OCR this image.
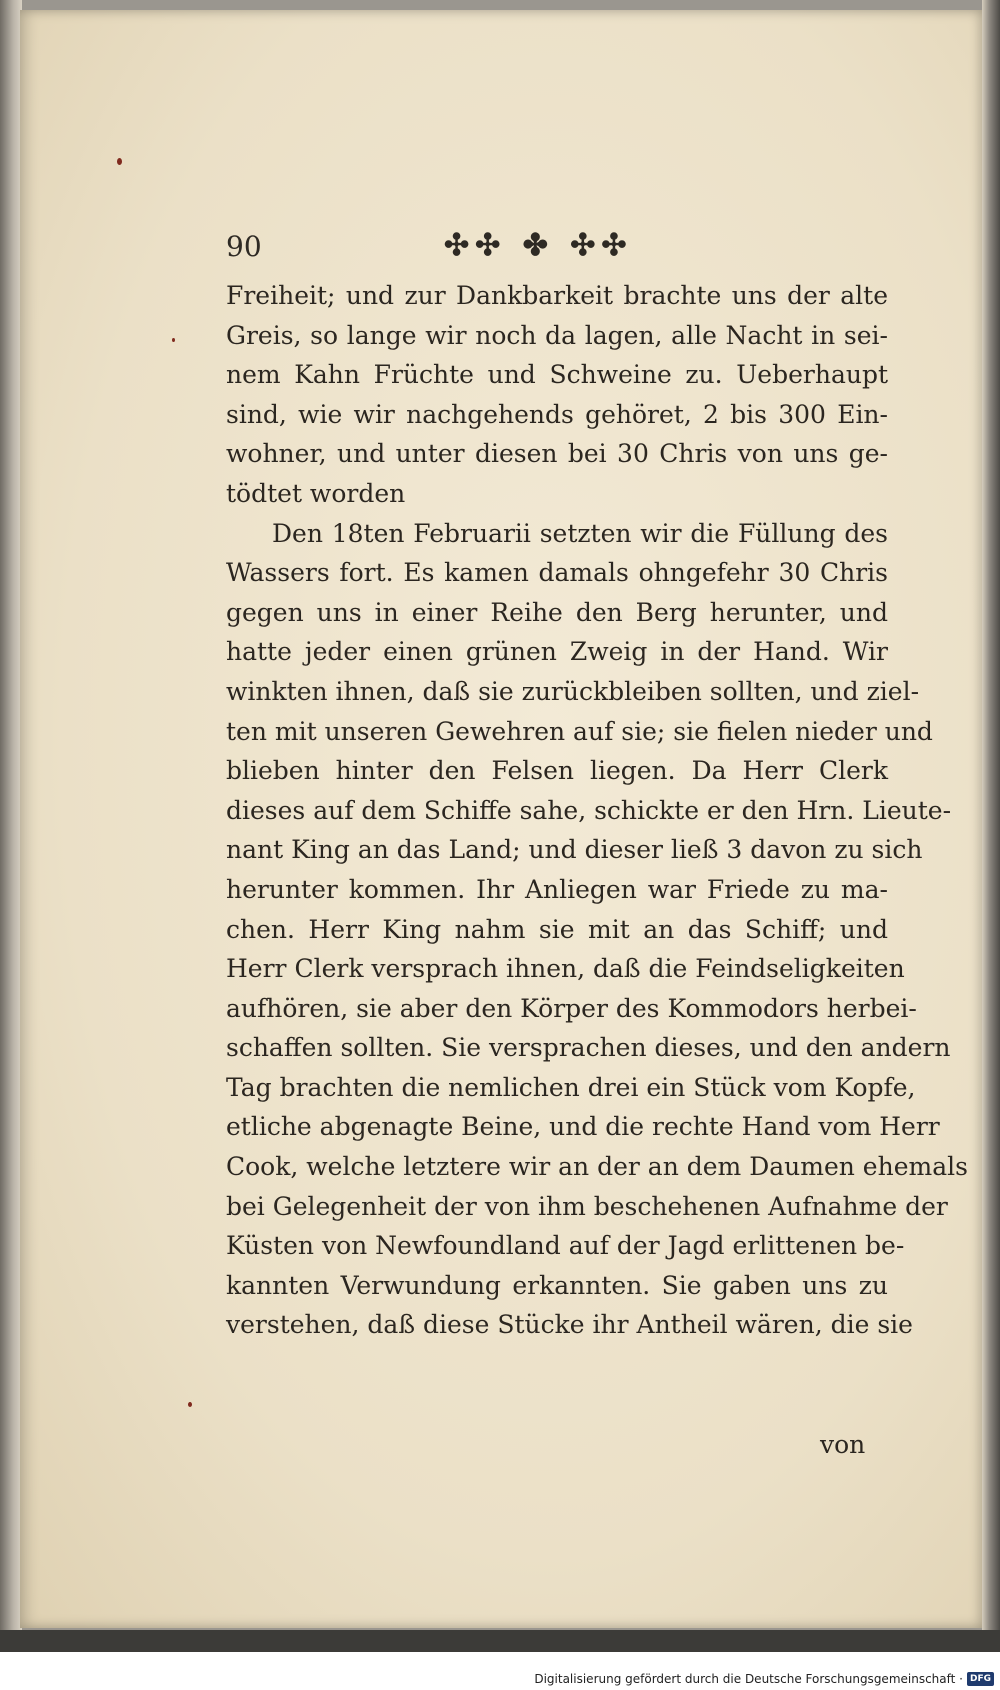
90	✣✣ ✤ ✣✣
Freiheit; und zur Dankbarkeit brachte uns der alte
Greis, so lange wir noch da lagen, alle Nacht in sei-
nem Kahn Früchte und Schweine zu. Ueberhaupt
sind, wie wir nachgehends gehöret, 2 bis 300 Ein-
wohner, und unter diesen bei 30 Chris von uns ge-
tödtet worden
Den 18ten Februarii setzten wir die Füllung des
Wassers fort. Es kamen damals ohngefehr 30 Chris
gegen uns in einer Reihe den Berg herunter, und
hatte jeder einen grünen Zweig in der Hand. Wir
winkten ihnen, daß sie zurückbleiben sollten, und ziel-
ten mit unseren Gewehren auf sie; sie fielen nieder und
blieben hinter den Felsen liegen. Da Herr Clerk
dieses auf dem Schiffe sahe, schickte er den Hrn. Lieute-
nant King an das Land; und dieser ließ 3 davon zu sich
herunter kommen. Ihr Anliegen war Friede zu ma-
chen. Herr King nahm sie mit an das Schiff; und
Herr Clerk versprach ihnen, daß die Feindseligkeiten
aufhören, sie aber den Körper des Kommodors herbei-
schaffen sollten. Sie versprachen dieses, und den andern
Tag brachten die nemlichen drei ein Stück vom Kopfe,
etliche abgenagte Beine, und die rechte Hand vom Herr
Cook, welche letztere wir an der an dem Daumen ehemals
bei Gelegenheit der von ihm beschehenen Aufnahme der
Küsten von Newfoundland auf der Jagd erlittenen be-
kannten Verwundung erkannten. Sie gaben uns zu
verstehen, daß diese Stücke ihr Antheil wären, die sie
von
Digitalisierung gefördert durch die Deutsche Forschungsgemeinschaft · DFG
